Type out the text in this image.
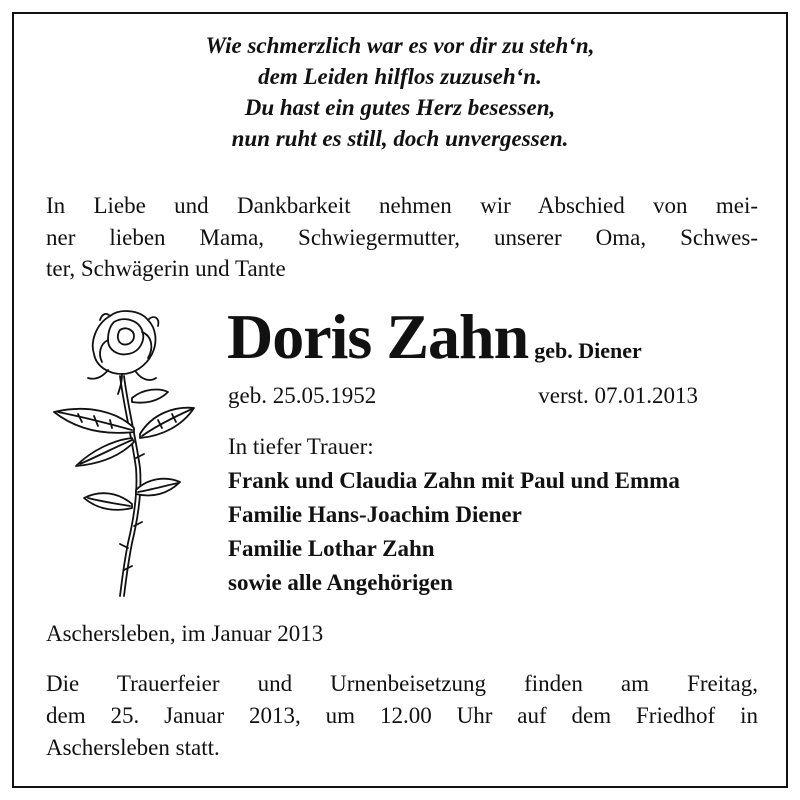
Wie schmerzlich war es vor dir zu steh‘n,
dem Leiden hilflos zuzuseh‘n.
Du hast ein gutes Herz besessen,
nun ruht es still, doch unvergessen.
In Liebe und Dankbarkeit nehmen wir Abschied von mei-
ner lieben Mama, Schwiegermutter, unserer Oma, Schwes-
ter, Schwägerin und Tante
Doris Zahn geb. Diener
geb. 25.05.1952	verst. 07.01.2013
In tiefer Trauer:
Frank und Claudia Zahn mit Paul und Emma
Familie Hans-Joachim Diener
Familie Lothar Zahn
sowie alle Angehörigen
Aschersleben, im Januar 2013
Die Trauerfeier und Urnenbeisetzung finden am Freitag,
dem 25. Januar 2013, um 12.00 Uhr auf dem Friedhof in
Aschersleben statt.
